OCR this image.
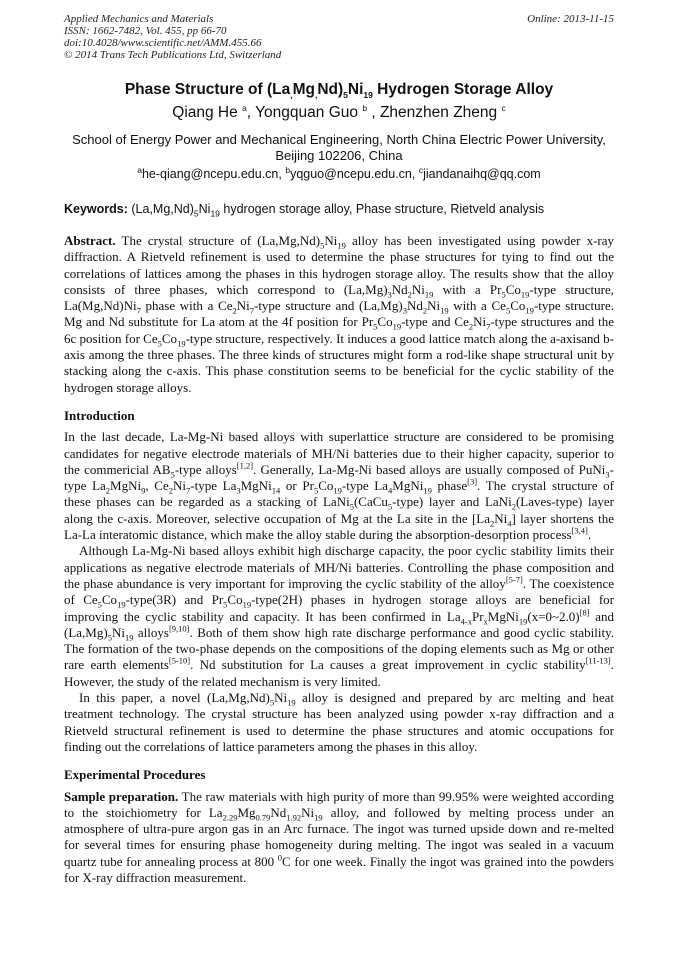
Applied Mechanics and Materials
ISSN: 1662-7482, Vol. 455, pp 66-70
doi:10.4028/www.scientific.net/AMM.455.66
© 2014 Trans Tech Publications Ltd, Switzerland
Online: 2013-11-15
Phase Structure of $(La_,Mg_,Nd)_5Ni_{19}$ Hydrogen Storage Alloy
Qiang He $^a$, Yongquan Guo $^b$ , Zhenzhen Zheng $^c$
School of Energy Power and Mechanical Engineering, North China Electric Power University,
Beijing 102206, China
$^a$he-qiang@ncepu.edu.cn, $^b$yqguo@ncepu.edu.cn, $^c$jiandanaihq@qq.com
Keywords: $(La,Mg,Nd)_5Ni_{19}$ hydrogen storage alloy, Phase structure, Rietveld analysis

Abstract. The crystal structure of $(La,Mg,Nd)_5Ni_{19}$ alloy has been investigated using powder x-ray diffraction. A Rietveld refinement is used to determine the phase structures for tying to find out the correlations of lattices among the phases in this hydrogen storage alloy. The results show that the alloy consists of three phases, which correspond to $(La,Mg)_3Nd_2Ni_{19}$ with a $Pr_5Co_{19}$-type structure, $La(Mg,Nd)Ni_7$ phase with a $Ce_2Ni_7$-type structure and $(La,Mg)_3Nd_2Ni_{19}$ with a $Ce_5Co_{19}$-type structure. Mg and Nd substitute for La atom at the 4f position for $Pr_5Co_{19}$-type and $Ce_2Ni_7$-type structures and the 6c position for $Ce_5Co_{19}$-type structure, respectively. It induces a good lattice match along the a-axisand b-axis among the three phases. The three kinds of structures might form a rod-like shape structural unit by stacking along the c-axis. This phase constitution seems to be beneficial for the cyclic stability of the hydrogen storage alloys.

Introduction

In the last decade, La-Mg-Ni based alloys with superlattice structure are considered to be promising candidates for negative electrode materials of MH/Ni batteries due to their higher capacity, superior to the commericial $AB_5$-type alloys[1,2]. Generally, La-Mg-Ni based alloys are usually composed of PuNi$_3$-type $La_2MgNi_9$, $Ce_2Ni_7$-type $La_3MgNi_{14}$ or $Pr_5Co_{19}$-type $La_4MgNi_{19}$ phase[3]. The crystal structure of these phases can be regarded as a stacking of LaNi$_5$(CaCu$_5$-type) layer and LaNi$_2$(Laves-type) layer along the c-axis. Moreover, selective occupation of Mg at the La site in the $[La_2Ni_4]$ layer shortens the La-La interatomic distance, which make the alloy stable during the absorption-desorption process[3,4].

Although La-Mg-Ni based alloys exhibit high discharge capacity, the poor cyclic stability limits their applications as negative electrode materials of MH/Ni batteries. Controlling the phase composition and the phase abundance is very important for improving the cyclic stability of the alloy[5-7]. The coexistence of $Ce_5Co_{19}-type(3R)$ and $Pr_5Co_{19}-type(2H)$ phases in hydrogen storage alloys are beneficial for improving the cyclic stability and capacity. It has been confirmed in $La_{4-x}Pr_xMgNi_{19}(x=0\sim 2.0)[8]$ and $(La,Mg)_5Ni_{19}$ alloys[9,10]. Both of them show high rate discharge performance and good cyclic stability. The formation of the two-phase depends on the compositions of the doping elements such as Mg or other rare earth elements[5-10]. Nd substitution for La causes a great improvement in cyclic stability[11-13]. However, the study of the related mechanism is very limited.

In this paper, a novel $(La,Mg,Nd)_5Ni_{19}$ alloy is designed and prepared by arc melting and heat treatment technology. The crystal structure has been analyzed using powder x-ray diffraction and a Rietveld structural refinement is used to determine the phase structures and atomic occupations for finding out the correlations of lattice parameters among the phases in this alloy.

Experimental Procedures

Sample preparation. The raw materials with high purity of more than 99.95% were weighted according to the stoichiometry for $La_{2.29}Mg_{0.79}Nd_{1.92}Ni_{19}$ alloy, and followed by melting process under an atmosphere of ultra-pure argon gas in an Arc furnace. The ingot was turned upside down and re-melted for several times for ensuring phase homogeneity during melting. The ingot was sealed in a vacuum quartz tube for annealing process at 800 $^0$C for one week. Finally the ingot was grained into the powders for X-ray diffraction measurement.
